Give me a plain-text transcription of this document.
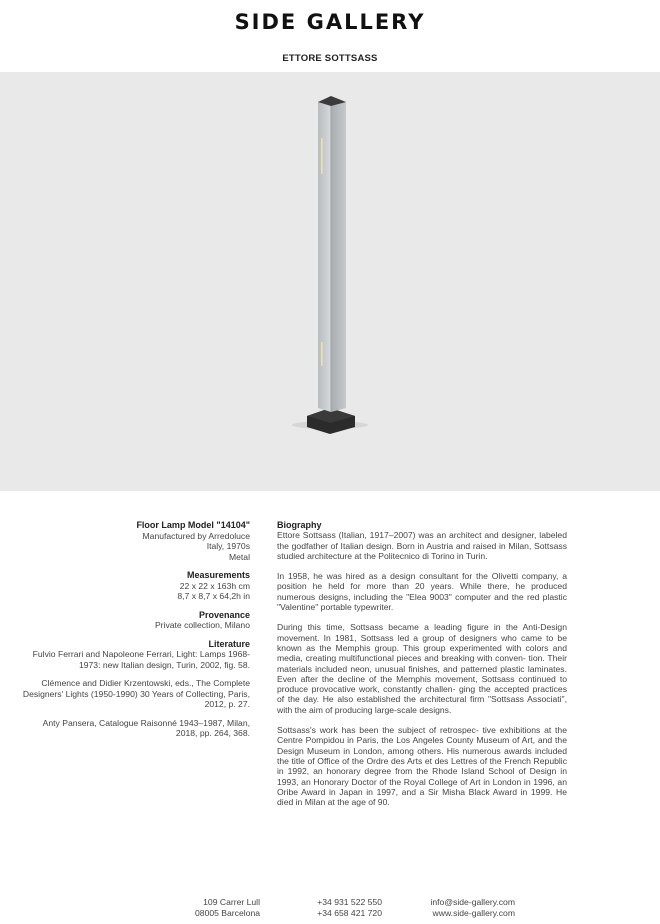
SIDE GALLERY
ETTORE SOTTSASS
Floor Lamp Model "14104"
Manufactured by Arredoluce
Italy, 1970s
Metal
Measurements
22 x 22 x 163h cm
8,7 x 8,7 x 64,2h in
Provenance
Private collection, Milano
Literature
Fulvio Ferrari and Napoleone Ferrari, Light: Lamps 1968-1973: new Italian design, Turin, 2002, fig. 58.
Clémence and Didier Krzentowski, eds., The Complete Designers' Lights (1950-1990) 30 Years of Collecting, Paris, 2012, p. 27.
Anty Pansera, Catalogue Raisonné 1943–1987, Milan, 2018, pp. 264, 368.
Biography

Ettore Sottsass (Italian, 1917–2007) was an architect and designer, labeled the godfather of Italian design. Born in Austria and raised in Milan, Sottsass studied architecture at the Politecnico di Torino in Turin.

In 1958, he was hired as a design consultant for the Olivetti company, a position he held for more than 20 years. While there, he produced numerous designs, including the "Elea 9003" computer and the red plastic "Valentine" portable typewriter.

During this time, Sottsass became a leading figure in the Anti-Design movement. In 1981, Sottsass led a group of designers who came to be known as the Memphis group. This group experimented with colors and media, creating multifunctional pieces and breaking with conven- tion. Their materials included neon, unusual finishes, and patterned plastic laminates. Even after the decline of the Memphis movement, Sottsass continued to produce provocative work, constantly challen- ging the accepted practices of the day. He also established the architectural firm "Sottsass Associati", with the aim of producing large-scale designs.

Sottsass's work has been the subject of retrospec- tive exhibitions at the Centre Pompidou in Paris, the Los Angeles County Museum of Art, and the Design Museum in London, among others. His numerous awards included the title of Office of the Ordre des Arts et des Lettres of the French Republic in 1992, an honorary degree from the Rhode Island School of Design in 1993, an Honorary Doctor of the Royal College of Art in London in 1996, an Oribe Award in Japan in 1997, and a Sir Misha Black Award in 1999. He died in Milan at the age of 90.

109 Carrer Lull
08005 Barcelona
+34 931 522 550
+34 658 421 720
info@side-gallery.com
www.side-gallery.com
